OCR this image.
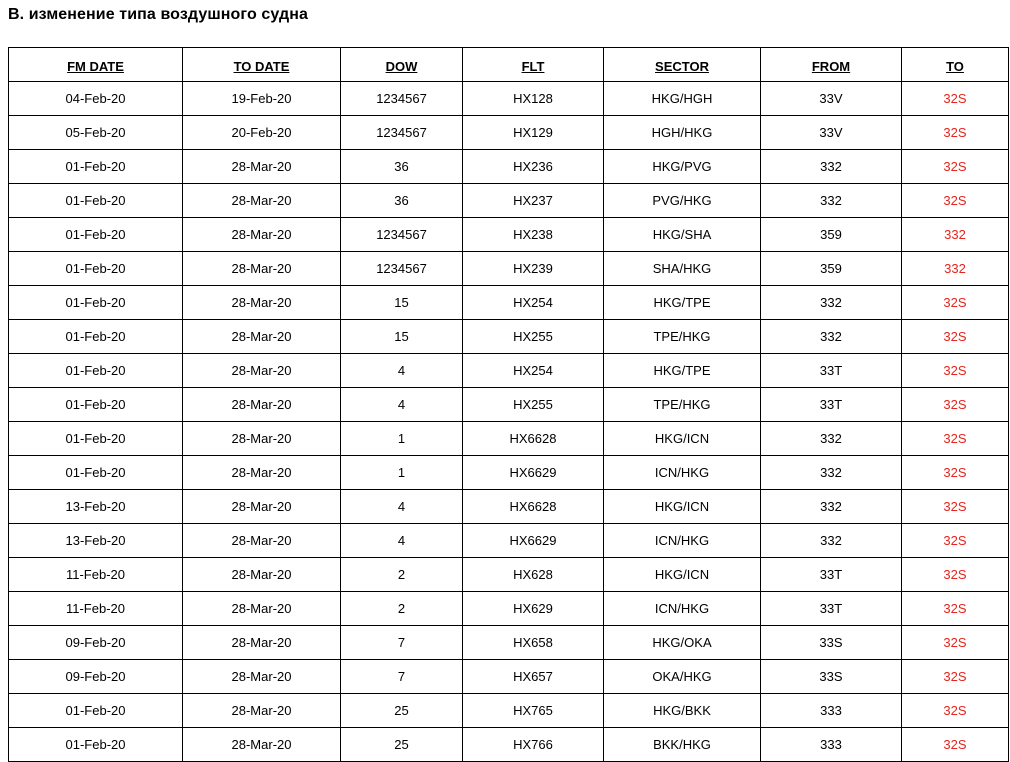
B. изменение типа воздушного судна
FM DATE	TO DATE	DOW	FLT	SECTOR	FROM	TO
04-Feb-20	19-Feb-20	1234567	HX128	HKG/HGH	33V	32S
05-Feb-20	20-Feb-20	1234567	HX129	HGH/HKG	33V	32S
01-Feb-20	28-Mar-20	36	HX236	HKG/PVG	332	32S
01-Feb-20	28-Mar-20	36	HX237	PVG/HKG	332	32S
01-Feb-20	28-Mar-20	1234567	HX238	HKG/SHA	359	332
01-Feb-20	28-Mar-20	1234567	HX239	SHA/HKG	359	332
01-Feb-20	28-Mar-20	15	HX254	HKG/TPE	332	32S
01-Feb-20	28-Mar-20	15	HX255	TPE/HKG	332	32S
01-Feb-20	28-Mar-20	4	HX254	HKG/TPE	33T	32S
01-Feb-20	28-Mar-20	4	HX255	TPE/HKG	33T	32S
01-Feb-20	28-Mar-20	1	HX6628	HKG/ICN	332	32S
01-Feb-20	28-Mar-20	1	HX6629	ICN/HKG	332	32S
13-Feb-20	28-Mar-20	4	HX6628	HKG/ICN	332	32S
13-Feb-20	28-Mar-20	4	HX6629	ICN/HKG	332	32S
11-Feb-20	28-Mar-20	2	HX628	HKG/ICN	33T	32S
11-Feb-20	28-Mar-20	2	HX629	ICN/HKG	33T	32S
09-Feb-20	28-Mar-20	7	HX658	HKG/OKA	33S	32S
09-Feb-20	28-Mar-20	7	HX657	OKA/HKG	33S	32S
01-Feb-20	28-Mar-20	25	HX765	HKG/BKK	333	32S
01-Feb-20	28-Mar-20	25	HX766	BKK/HKG	333	32S
